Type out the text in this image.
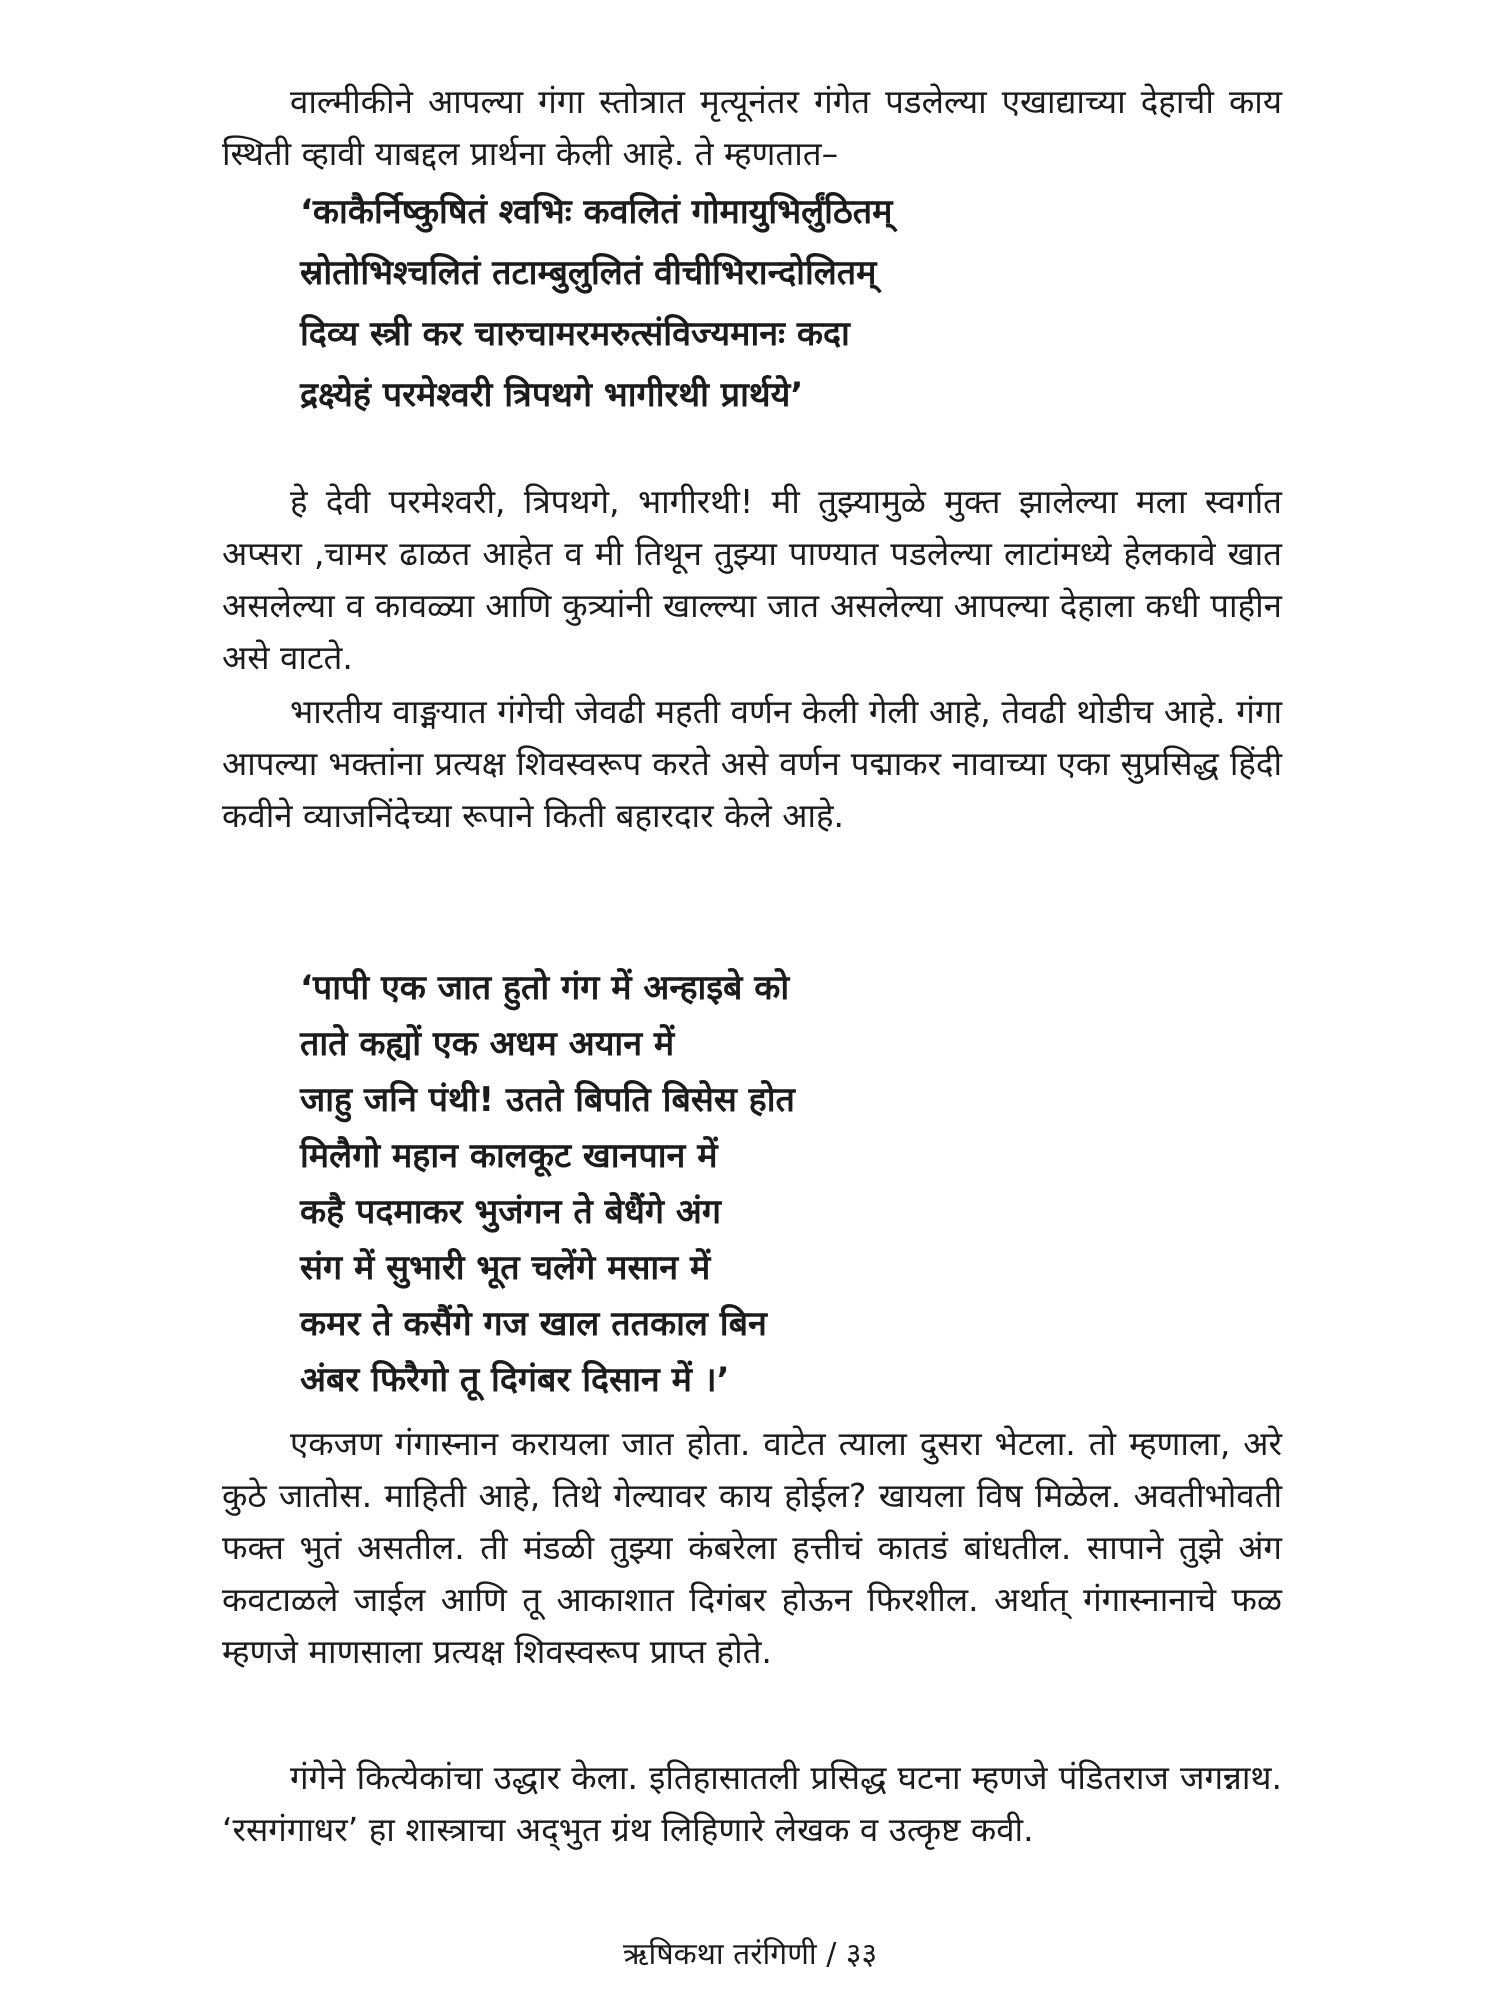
वाल्मीकीने आपल्या गंगा स्तोत्रात मृत्यूनंतर गंगेत पडलेल्या एखाद्याच्या देहाची काय स्थिती व्हावी याबद्दल प्रार्थना केली आहे. ते म्हणतात–

‘काकैर्निष्कुषितं श्वभिः कवलितं गोमायुभिर्लुंठितम्
स्रोतोभिश्चलितं तटाम्बुलुलितं वीचीभिरान्दोलितम्
दिव्य स्त्री कर चारुचामरमरुत्संविज्यमानः कदा
द्रक्ष्येहं परमेश्वरी त्रिपथगे भागीरथी प्रार्थये’

हे देवी परमेश्वरी, त्रिपथगे, भागीरथी! मी तुझ्यामुळे मुक्त झालेल्या मला स्वर्गात अप्सरा ,चामर ढाळत आहेत व मी तिथून तुझ्या पाण्यात पडलेल्या लाटांमध्ये हेलकावे खात असलेल्या व कावळ्या आणि कुत्र्यांनी खाल्ल्या जात असलेल्या आपल्या देहाला कधी पाहीन असे वाटते.

भारतीय वाङ्मयात गंगेची जेवढी महती वर्णन केली गेली आहे, तेवढी थोडीच आहे. गंगा आपल्या भक्तांना प्रत्यक्ष शिवस्वरूप करते असे वर्णन पद्माकर नावाच्या एका सुप्रसिद्ध हिंदी कवीने व्याजनिंदेच्या रूपाने किती बहारदार केले आहे.

‘पापी एक जात हुतो गंग में अन्हाइबे को
ताते कह्यों एक अधम अयान में
जाहु जनि पंथी! उतते बिपति बिसेस होत
मिलैगो महान कालकूट खानपान में
कहै पदमाकर भुजंगन ते बेधैंगे अंग
संग में सुभारी भूत चलेंगे मसान में
कमर ते कसैंगे गज खाल ततकाल बिन
अंबर फिरैगो तू दिगंबर दिसान में ।’

एकजण गंगास्नान करायला जात होता. वाटेत त्याला दुसरा भेटला. तो म्हणाला, अरे कुठे जातोस. माहिती आहे, तिथे गेल्यावर काय होईल? खायला विष मिळेल. अवतीभोवती फक्त भुतं असतील. ती मंडळी तुझ्या कंबरेला हत्तीचं कातडं बांधतील. सापाने तुझे अंग कवटाळले जाईल आणि तू आकाशात दिगंबर होऊन फिरशील. अर्थात् गंगास्नानाचे फळ म्हणजे माणसाला प्रत्यक्ष शिवस्वरूप प्राप्त होते.

गंगेने कित्येकांचा उद्धार केला. इतिहासातली प्रसिद्ध घटना म्हणजे पंडितराज जगन्नाथ. ‘रसगंगाधर’ हा शास्त्राचा अद्‌भुत ग्रंथ लिहिणारे लेखक व उत्कृष्ट कवी.

ऋषिकथा तरंगिणी / ३३
